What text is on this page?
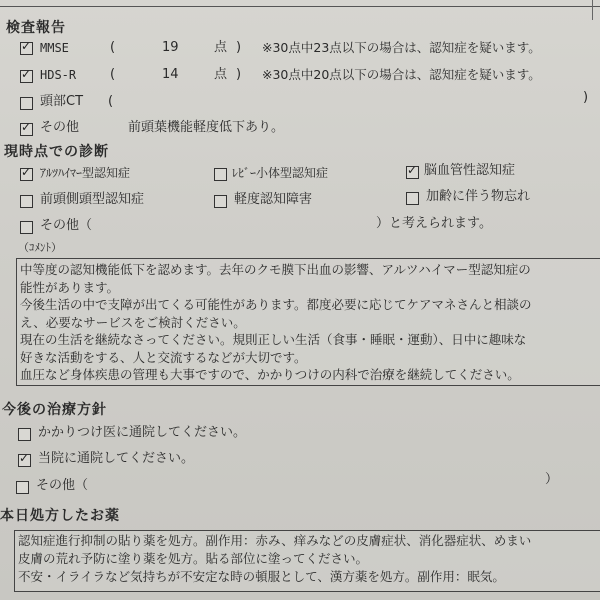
検査報告
✓
MMSE	(	19	点 ) ※30点中23点以下の場合は、認知症を疑います。
✓
HDS-R	(	14	点 ) ※30点中20点以下の場合は、認知症を疑います。
頭部CT (	)
✓
その他	前頭葉機能軽度低下あり。
現時点での診断
✓
ｱﾙﾂﾊｲﾏｰ型認知症	ﾚﾋﾞｰ小体型認知症
✓	脳血管性認知症
前頭側頭型認知症	軽度認知障害	加齢に伴う物忘れ
その他（	）と考えられます。
（ｺﾒﾝﾄ）
中等度の認知機能低下を認めます。去年のクモ膜下出血の影響、アルツハイマー型認知症の
能性があります。
今後生活の中で支障が出てくる可能性があります。都度必要に応じてケアマネさんと相談の
え、必要なサービスをご検討ください。
現在の生活を継続なさってください。規則正しい生活（食事・睡眠・運動）、日中に趣味な
好きな活動をする、人と交流するなどが大切です。
血圧など身体疾患の管理も大事ですので、かかりつけの内科で治療を継続してください。
今後の治療方針
かかりつけ医に通院してください。
✓
当院に通院してください。
その他（	）
本日処方したお薬
認知症進行抑制の貼り薬を処方。副作用：赤み、痒みなどの皮膚症状、消化器症状、めまい
皮膚の荒れ予防に塗り薬を処方。貼る部位に塗ってください。
不安・イライラなど気持ちが不安定な時の頓服として、漢方薬を処方。副作用：眠気。
